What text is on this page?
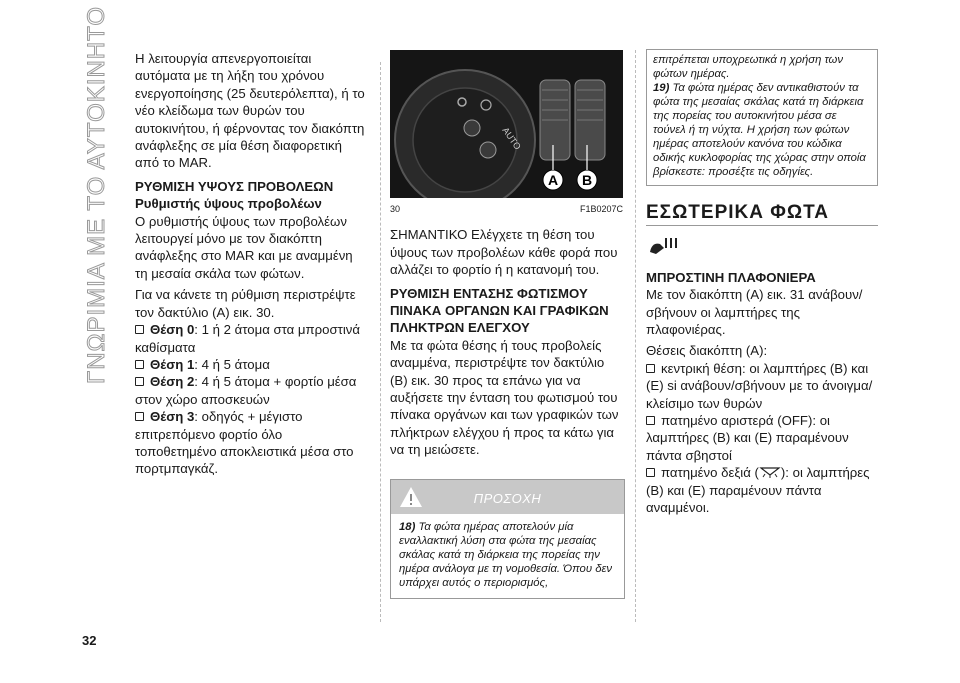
ΓΝΩΡΙΜΙΑ ΜΕ ΤΟ ΑΥΤΟΚΙΝΗΤΟ Η λειτουργία απενεργοποιείται αυτόματα με τη λήξη του χρόνου ενεργοποίησης (25 δευτερόλεπτα), ή το νέο κλείδωμα των θυρών του αυτοκινήτου, ή φέρνοντας τον διακόπτη ανάφλεξης σε μία θέση διαφορετική από το MAR.

ΡΥΘΜΙΣΗ ΥΨΟΥΣ ΠΡΟΒΟΛΕΩΝ

Ρυθμιστής ύψους προβολέων

Ο ρυθμιστής ύψους των προβολέων λειτουργεί μόνο με τον διακόπτη ανάφλεξης στο MAR και με αναμμένη τη μεσαία σκάλα των φώτων.

Για να κάνετε τη ρύθμιση περιστρέψτε τον δακτύλιο (A) εικ. 30.

Θέση 0: 1 ή 2 άτομα στα μπροστινά καθίσματα

Θέση 1: 4 ή 5 άτομα

Θέση 2: 4 ή 5 άτομα + φορτίο μέσα στον χώρο αποσκευών

Θέση 3: οδηγός + μέγιστο επιτρεπόμενο φορτίο όλο τοποθετημένο αποκλειστικά μέσα στο πορτμπαγκάζ.

AUTO
A B
30	F1B0207C

ΣΗΜΑΝΤΙΚΟ Ελέγχετε τη θέση του ύψους των προβολέων κάθε φορά που αλλάζει το φορτίο ή η κατανομή του.

ΡΥΘΜΙΣΗ ΕΝΤΑΣΗΣ ΦΩΤΙΣΜΟΥ ΠΙΝΑΚΑ ΟΡΓΑΝΩΝ ΚΑΙ ΓΡΑΦΙΚΩΝ ΠΛΗΚΤΡΩΝ ΕΛΕΓΧΟΥ

Με τα φώτα θέσης ή τους προβολείς αναμμένα, περιστρέψτε τον δακτύλιο (B) εικ. 30 προς τα επάνω για να αυξήσετε την ένταση του φωτισμού του πίνακα οργάνων και των γραφικών των πλήκτρων ελέγχου ή προς τα κάτω για να τη μειώσετε.

ΠΡΟΣΟΧΗ
18) Τα φώτα ημέρας αποτελούν μία εναλλακτική λύση στα φώτα της μεσαίας σκάλας κατά τη διάρκεια της πορείας την ημέρα ανάλογα με τη νομοθεσία. Όπου δεν υπάρχει αυτός ο περιορισμός,
επιτρέπεται υποχρεωτικά η χρήση των φώτων ημέρας.
19) Τα φώτα ημέρας δεν αντικαθιστούν τα φώτα της μεσαίας σκάλας κατά τη διάρκεια της πορείας του αυτοκινήτου μέσα σε τούνελ ή τη νύχτα. Η χρήση των φώτων ημέρας αποτελούν κανόνα του κώδικα οδικής κυκλοφορίας της χώρας στην οποία βρίσκεστε: προσέξτε τις οδηγίες.
ΕΣΩΤΕΡΙΚΑ ΦΩΤΑ

ΜΠΡΟΣΤΙΝΗ ΠΛΑΦΟΝΙΕΡΑ

Με τον διακόπτη (A) εικ. 31 ανάβουν/σβήνουν οι λαμπτήρες της πλαφονιέρας.

Θέσεις διακόπτη (A):

κεντρική θέση: οι λαμπτήρες (B) και (E) si ανάβουν/σβήνουν με το άνοιγμα/κλείσιμο των θυρών

πατημένο αριστερά (OFF): οι λαμπτήρες (B) και (E) παραμένουν πάντα σβηστοί

πατημένο δεξιά ( ): οι λαμπτήρες (B) και (E) παραμένουν πάντα αναμμένοι.

32
